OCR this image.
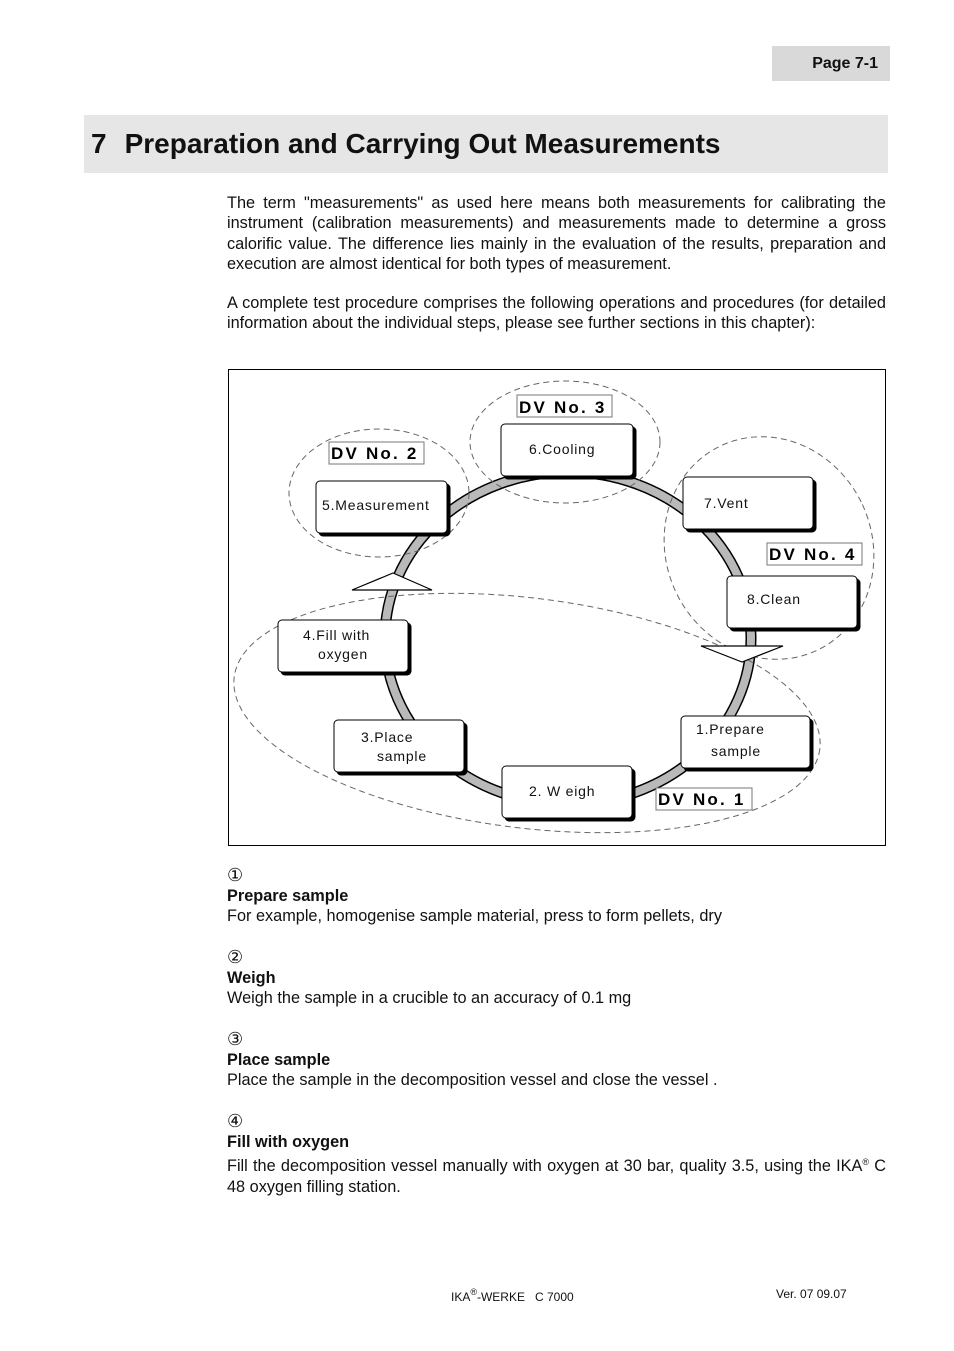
Page 7-1
7 Preparation and Carrying Out Measurements

The term "measurements" as used here means both measurements for calibrating the instrument (calibration measurements) and measurements made to determine a gross calorific value. The difference lies mainly in the evaluation of the results, preparation and execution are almost identical for both types of measurement.

A complete test procedure comprises the following operations and procedures (for detailed information about the individual steps, please see further sections in this chapter):

6.Cooling
5.Measurement	7.Vent
8.Clean
4.Fill with
oxygen
3.Place
sample
2. W eigh
1.Prepare
sample
DV No. 3
DV No. 2
DV No. 4
DV No. 1
①
Prepare sample
For example, homogenise sample material, press to form pellets, dry
②
Weigh
Weigh the sample in a crucible to an accuracy of 0.1 mg
③
Place sample
Place the sample in the decomposition vessel and close the vessel .
④
Fill with oxygen
Fill the decomposition vessel manually with oxygen at 30 bar, quality 3.5, using the IKA® C 48 oxygen filling station.
IKA®-WERKE   C 7000	Ver. 07 09.07
